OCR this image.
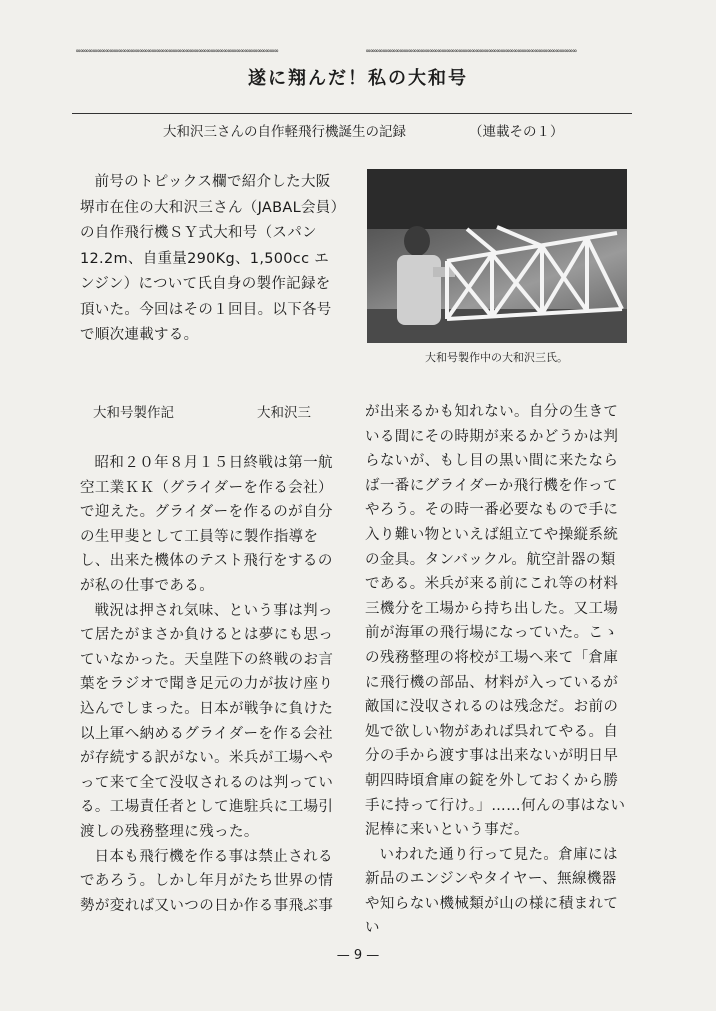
∞∞∞∞∞∞∞∞∞∞∞∞∞∞∞∞∞∞∞∞∞∞∞∞∞∞∞∞∞∞∞∞∞∞∞∞∞∞∞∞∞∞∞∞∞∞∞∞	∞∞∞∞∞∞∞∞∞∞∞∞∞∞∞∞∞∞∞∞∞∞∞∞∞∞∞∞∞∞∞∞∞∞∞∞∞∞∞∞∞∞∞∞∞∞∞∞∞∞
遂に翔んだ！私の大和号
大和沢三さんの自作軽飛行機誕生の記録	（連載その１）

前号のトピックス欄で紹介した大阪堺市在住の大和沢三さん（JABAL会員）の自作飛行機ＳＹ式大和号（スパン 12.2m、自重量290Kg、1,500cc エンジン）について氏自身の製作記録を頂いた。今回はその１回目。以下各号で順次連載する。

大和号製作中の大和沢三氏。
大和号製作記	大和沢三

昭和２０年８月１５日終戦は第一航空工業ＫＫ（グライダーを作る会社）で迎えた。グライダーを作るのが自分の生甲斐として工員等に製作指導をし、出来た機体のテスト飛行をするのが私の仕事である。

戦況は押され気味、という事は判って居たがまさか負けるとは夢にも思っていなかった。天皇陛下の終戦のお言葉をラジオで聞き足元の力が抜け座り込んでしまった。日本が戦争に負けた以上軍へ納めるグライダーを作る会社が存続する訳がない。米兵が工場へやって来て全て没収されるのは判っている。工場責任者として進駐兵に工場引渡しの残務整理に残った。

日本も飛行機を作る事は禁止されるであろう。しかし年月がたち世界の情勢が変れば又いつの日か作る事飛ぶ事

が出来るかも知れない。自分の生きている間にその時期が来るかどうかは判らないが、もし目の黒い間に来たならば一番にグライダーか飛行機を作ってやろう。その時一番必要なもので手に入り難い物といえば組立てや操縦系統の金具。タンバックル。航空計器の類である。米兵が来る前にこれ等の材料三機分を工場から持ち出した。又工場前が海軍の飛行場になっていた。こゝの残務整理の将校が工場へ来て「倉庫に飛行機の部品、材料が入っているが敵国に没収されるのは残念だ。お前の処で欲しい物があれば呉れてやる。自分の手から渡す事は出来ないが明日早朝四時頃倉庫の錠を外しておくから勝手に持って行け。」……何んの事はない泥棒に来いという事だ。

いわれた通り行って見た。倉庫には新品のエンジンやタイヤー、無線機器や知らない機械類が山の様に積まれてい

— 9 —
